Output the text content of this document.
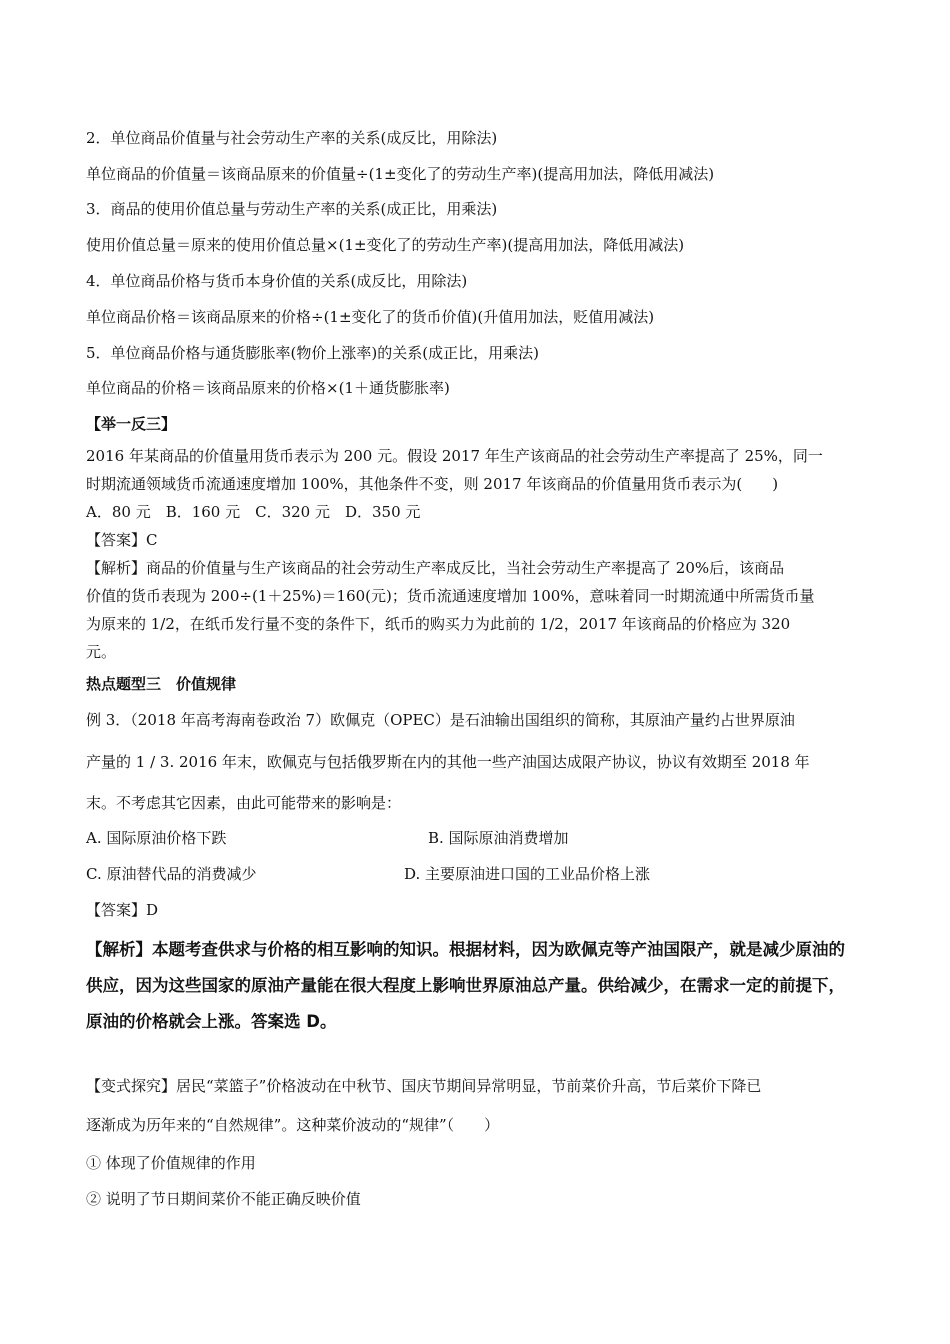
2．单位商品价值量与社会劳动生产率的关系(成反比，用除法)
单位商品的价值量＝该商品原来的价值量÷(1±变化了的劳动生产率)(提高用加法，降低用减法)
3．商品的使用价值总量与劳动生产率的关系(成正比，用乘法)
使用价值总量＝原来的使用价值总量×(1±变化了的劳动生产率)(提高用加法，降低用减法)
4．单位商品价格与货币本身价值的关系(成反比，用除法)
单位商品价格＝该商品原来的价格÷(1±变化了的货币价值)(升值用加法，贬值用减法)
5．单位商品价格与通货膨胀率(物价上涨率)的关系(成正比，用乘法)
单位商品的价格＝该商品原来的价格×(1＋通货膨胀率)
【举一反三】
2016 年某商品的价值量用货币表示为 200 元。假设 2017 年生产该商品的社会劳动生产率提高了 25%，同一
时期流通领域货币流通速度增加 100%，其他条件不变，则 2017 年该商品的价值量用货币表示为(　　)
A．80 元　B．160 元　C．320 元　D．350 元
【答案】C
【解析】商品的价值量与生产该商品的社会劳动生产率成反比，当社会劳动生产率提高了 20%后，该商品
价值的货币表现为 200÷(1＋25%)＝160(元)；货币流通速度增加 100%，意味着同一时期流通中所需货币量
为原来的 1/2，在纸币发行量不变的条件下，纸币的购买力为此前的 1/2，2017 年该商品的价格应为 320
元。
热点题型三　价值规律
例 3．（2018 年高考海南卷政治 7）欧佩克（OPEC）是石油输出国组织的简称，其原油产量约占世界原油
产量的 1 / 3. 2016 年末，欧佩克与包括俄罗斯在内的其他一些产油国达成限产协议，协议有效期至 2018 年
末。不考虑其它因素，由此可能带来的影响是：
A. 国际原油价格下跌	B. 国际原油消费增加
C. 原油替代品的消费减少	D. 主要原油进口国的工业品价格上涨
【答案】D
【解析】本题考查供求与价格的相互影响的知识。根据材料，因为欧佩克等产油国限产，就是减少原油的
供应，因为这些国家的原油产量能在很大程度上影响世界原油总产量。供给减少，在需求一定的前提下，
原油的价格就会上涨。答案选 D。
【变式探究】居民“菜篮子”价格波动在中秋节、国庆节期间异常明显，节前菜价升高，节后菜价下降已
逐渐成为历年来的“自然规律”。这种菜价波动的“规律”（　　）
① 体现了价值规律的作用
② 说明了节日期间菜价不能正确反映价值
